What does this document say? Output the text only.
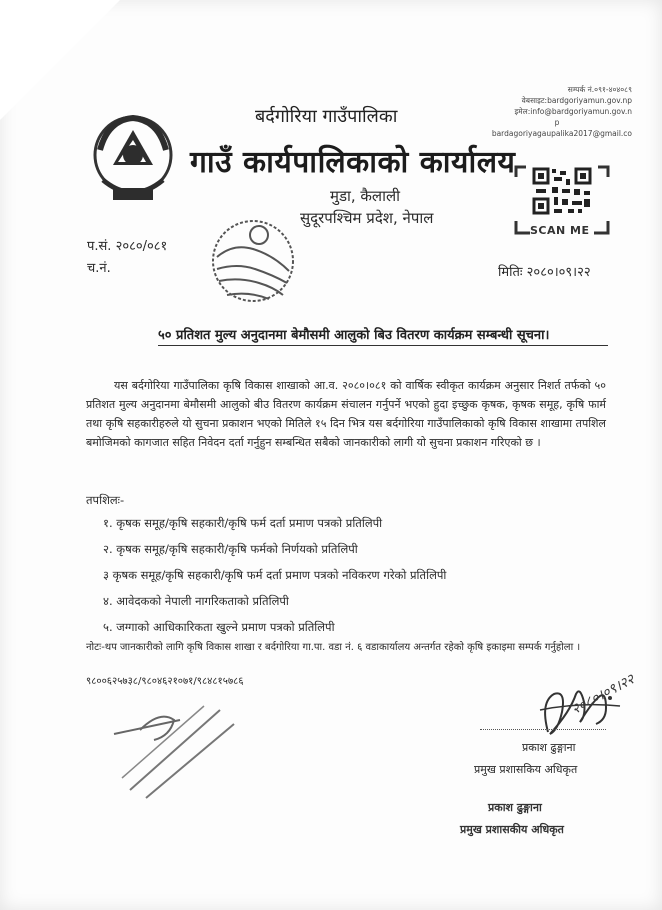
बर्दगोरिया गाउँपालिका
गाउँ कार्यपालिकाको कार्यालय
मुडा, कैलाली
सुदूरपश्चिम प्रदेश, नेपाल
सम्पर्क नं.०९१-४०४०८९
वेबसाइट:bardgoriyamun.gov.np
इमेल:info@bardgoriyamun.gov.n
p
bardagoriyagaupalika2017@gmail.co
SCAN ME
प.सं. २०८०/०८१
च.नं.	मितिः २०८०।०९।२२
५० प्रतिशत मुल्य अनुदानमा बेमौसमी आलुको बिउ वितरण कार्यक्रम सम्बन्धी सूचना।
यस बर्दगोरिया गाउँपालिका कृषि विकास शाखाको आ.व. २०८०।०८१ को वार्षिक स्वीकृत कार्यक्रम अनुसार निशर्त तर्फको ५० प्रतिशत मुल्य अनुदानमा बेमौसमी आलुको बीउ वितरण कार्यक्रम संचालन गर्नुपर्ने भएको हुदा इच्छुक कृषक, कृषक समूह, कृषि फार्म तथा कृषि सहकारीहरुले यो सुचना प्रकाशन भएको मितिले १५ दिन भित्र यस बर्दगोरिया गाउँपालिकाको कृषि विकास शाखामा तपशिल बमोजिमको कागजात सहित निवेदन दर्ता गर्नुहुन सम्बन्धित सबैको जानकारीको लागी यो सुचना प्रकाशन गरिएको छ ।
तपशिलः-
१. कृषक समूह/कृषि सहकारी/कृषि फर्म दर्ता प्रमाण पत्रको प्रतिलिपी
२. कृषक समूह/कृषि सहकारी/कृषि फर्मको निर्णयको प्रतिलिपी
३ कृषक समूह/कृषि सहकारी/कृषि फर्म दर्ता प्रमाण पत्रको नविकरण गरेको प्रतिलिपी
४. आवेदकको नेपाली नागरिकताको प्रतिलिपी
५. जग्गाको आधिकारिकता खुल्ने प्रमाण पत्रको प्रतिलिपी
नोटः-थप जानकारीको लागि कृषि विकास शाखा र बर्दगोरिया गा.पा. वडा नं. ६ वडाकार्यालय अन्तर्गत रहेको कृषि इकाइमा सम्पर्क गर्नुहोला ।
९८००६२५७३८/९८०४६२१०७१/९८४८१५७८६	२०८०।०९।२२
प्रकाश ढुङ्गाना
प्रमुख प्रशासकिय अधिकृत
प्रकाश ढुङ्गाना
प्रमुख प्रशासकीय अधिकृत
